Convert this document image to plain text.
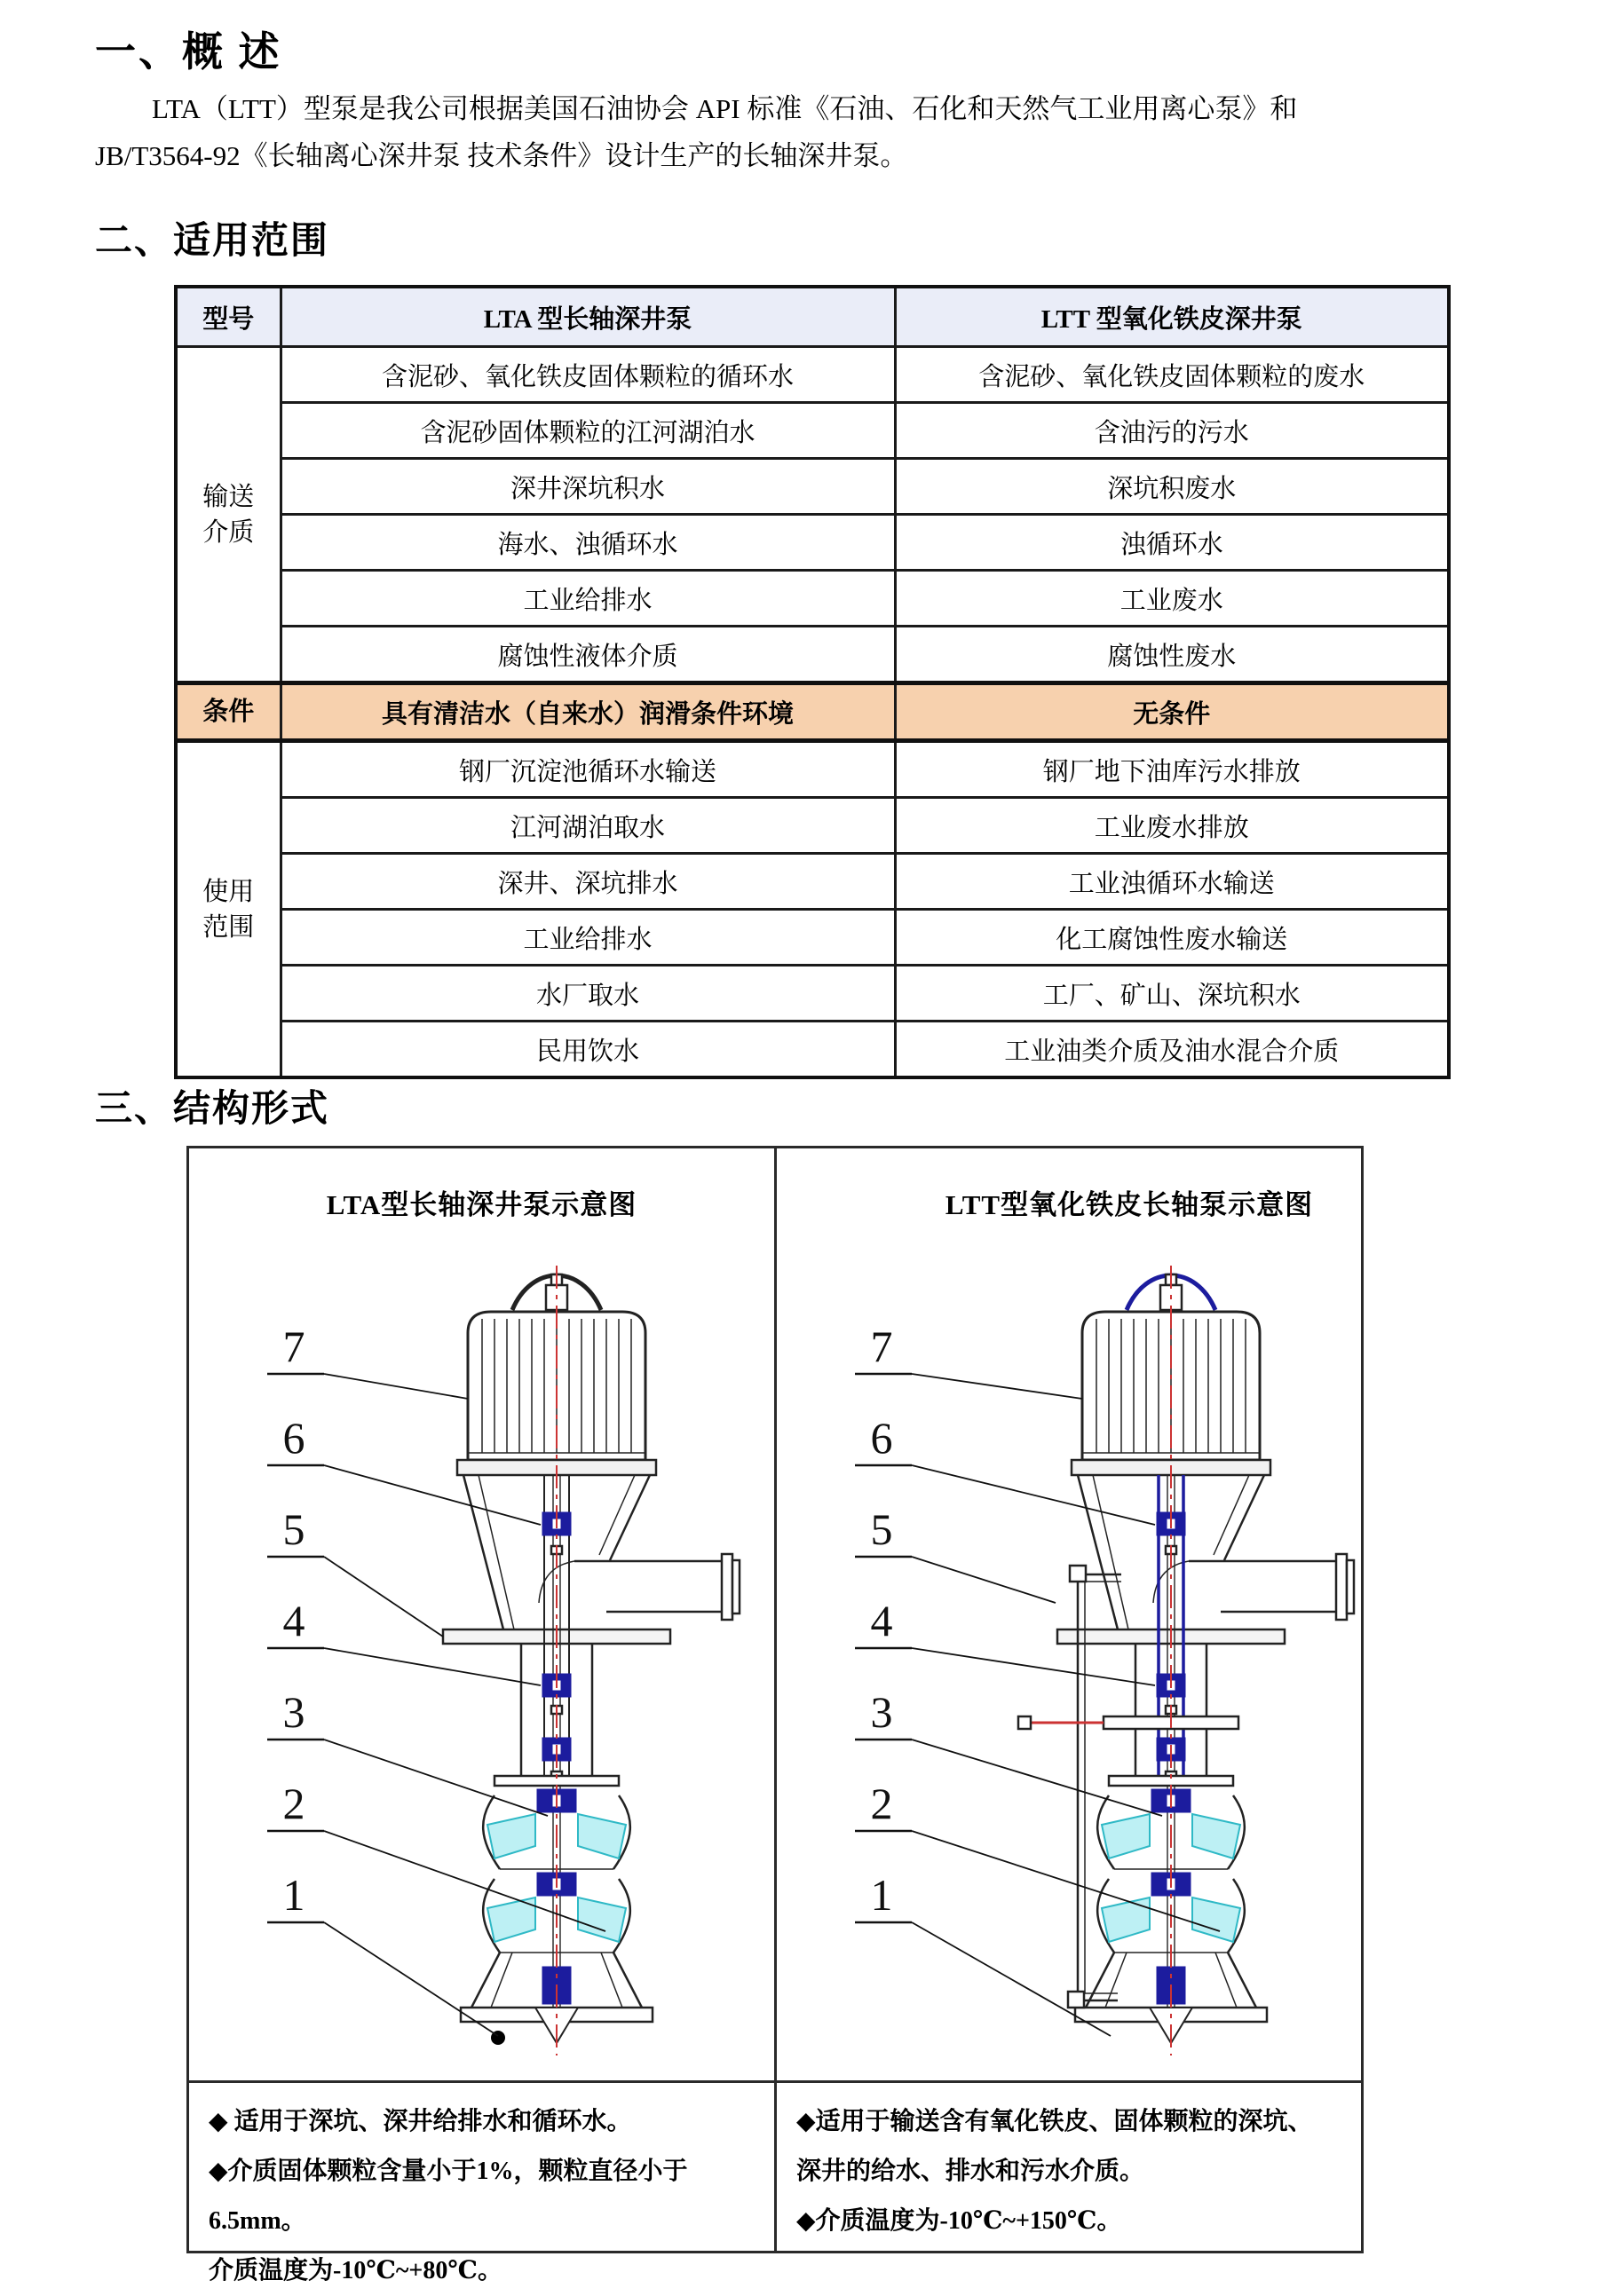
一、概 述
LTA（LTT）型泵是我公司根据美国石油协会 API 标准《石油、石化和天然气工业用离心泵》和
JB/T3564-92《长轴离心深井泵 技术条件》设计生产的长轴深井泵。
二、适用范围
型号	LTA 型长轴深井泵	LTT 型氧化铁皮深井泵
输送介质	含泥砂、氧化铁皮固体颗粒的循环水	含泥砂、氧化铁皮固体颗粒的废水
	含泥砂固体颗粒的江河湖泊水	含油污的污水
	深井深坑积水	深坑积废水
	海水、浊循环水	浊循环水
	工业给排水	工业废水
	腐蚀性液体介质	腐蚀性废水
条件	具有清洁水（自来水）润滑条件环境	无条件
使用范围	钢厂沉淀池循环水输送	钢厂地下油库污水排放
	江河湖泊取水	工业废水排放
	深井、深坑排水	工业浊循环水输送
	工业给排水	化工腐蚀性废水输送
	水厂取水	工厂、矿山、深坑积水
	民用饮水	工业油类介质及油水混合介质
三、结构形式
LTA型长轴深井泵示意图
7
6
5
4
3
2
1
◆ 适用于深坑、深井给排水和循环水。
◆介质固体颗粒含量小于1%，颗粒直径小于6.5mm。
介质温度为-10℃~+80℃。
LTT型氧化铁皮长轴泵示意图
7
6
5
4
3
2
1
◆适用于输送含有氧化铁皮、固体颗粒的深坑、
深井的给水、排水和污水介质。
◆介质温度为-10℃~+150℃。
